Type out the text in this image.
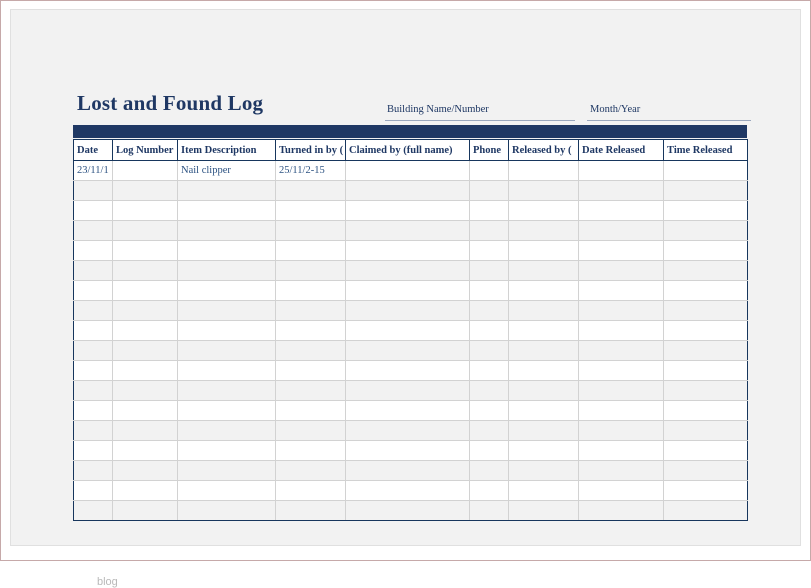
Lost and Found Log	Building Name/Number	Month/Year
Date	Log Number	Item Description	Turned in by (	Claimed by (full name)	Phone	Released by (	Date Released	Time Released
23/11/1		Nail clipper	25/11/2-15					

blog
